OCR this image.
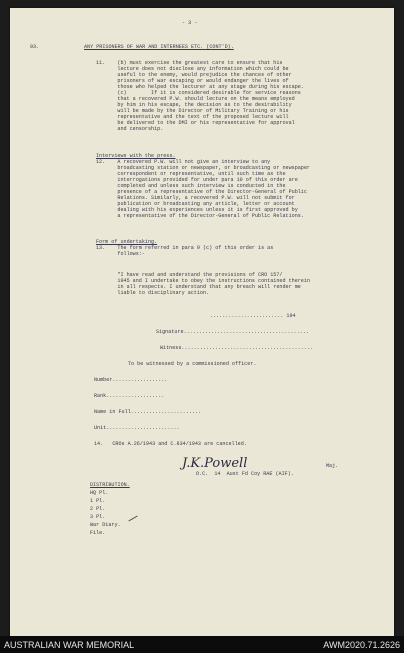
- 3 -
93.	ANY PRISONERS OF WAR AND INTERNEES ETC. (CONT'D).
11.    (b) must exercise the greatest care to ensure that his
lecture does not disclose any information which could be
useful to the enemy, would prejudice the chances of other
prisoners of war escaping or would endanger the lives of
those who helped the lecturer at any stage during his escape.
(c)        If it is considered desirable for service reasons
that a recovered P.W. should lecture on the means employed
by him in his escape, the decision as to the desirability
will be made by the Director of Military Training or his
representative and the text of the proposed lecture will
be delivered to the DMI or his representative for approval
and censorship.
Interviews with the press.
12.    A recovered P.W. will not give an interview to any
broadcasting station or newspaper, or broadcasting or newspaper
correspondent or representative, until such time as the
interrogations provided for under para 10 of this order are
completed and unless such interview is conducted in the
presence of a representative of the Director-General of Public
Relations. Similarly, a recovered P.W. will not submit for
publication or broadcasting any article, letter or account
dealing with his experiences unless it is first approved by
a representative of the Director-General of Public Relations.
Form of undertaking.
13.    The form referred in para 9 (c) of this order is as
follows:-
"I have read and understand the provisions of CRO 157/
1945 and I undertake to obey the instructions contained therein
in all respects. I understand that any breach will render me
liable to disciplinary action.
........................ 194
Signature.........................................
Witness...........................................
To be witnessed by a commissioned officer.
Number..................
Rank...................
Name in Full.......................
Unit........................
14.   CROs A.26/1943 and C.834/1943 are cancelled.
J.K.Powell	Maj.
O.C.  14  Aust Fd Coy RAE (AIF).
DISTRIBUTION.
HQ Pl.
1 Pl.
2 Pl.
3 Pl.
War Diary.
File.
AUSTRALIAN WAR MEMORIAL	AWM2020.71.2626
